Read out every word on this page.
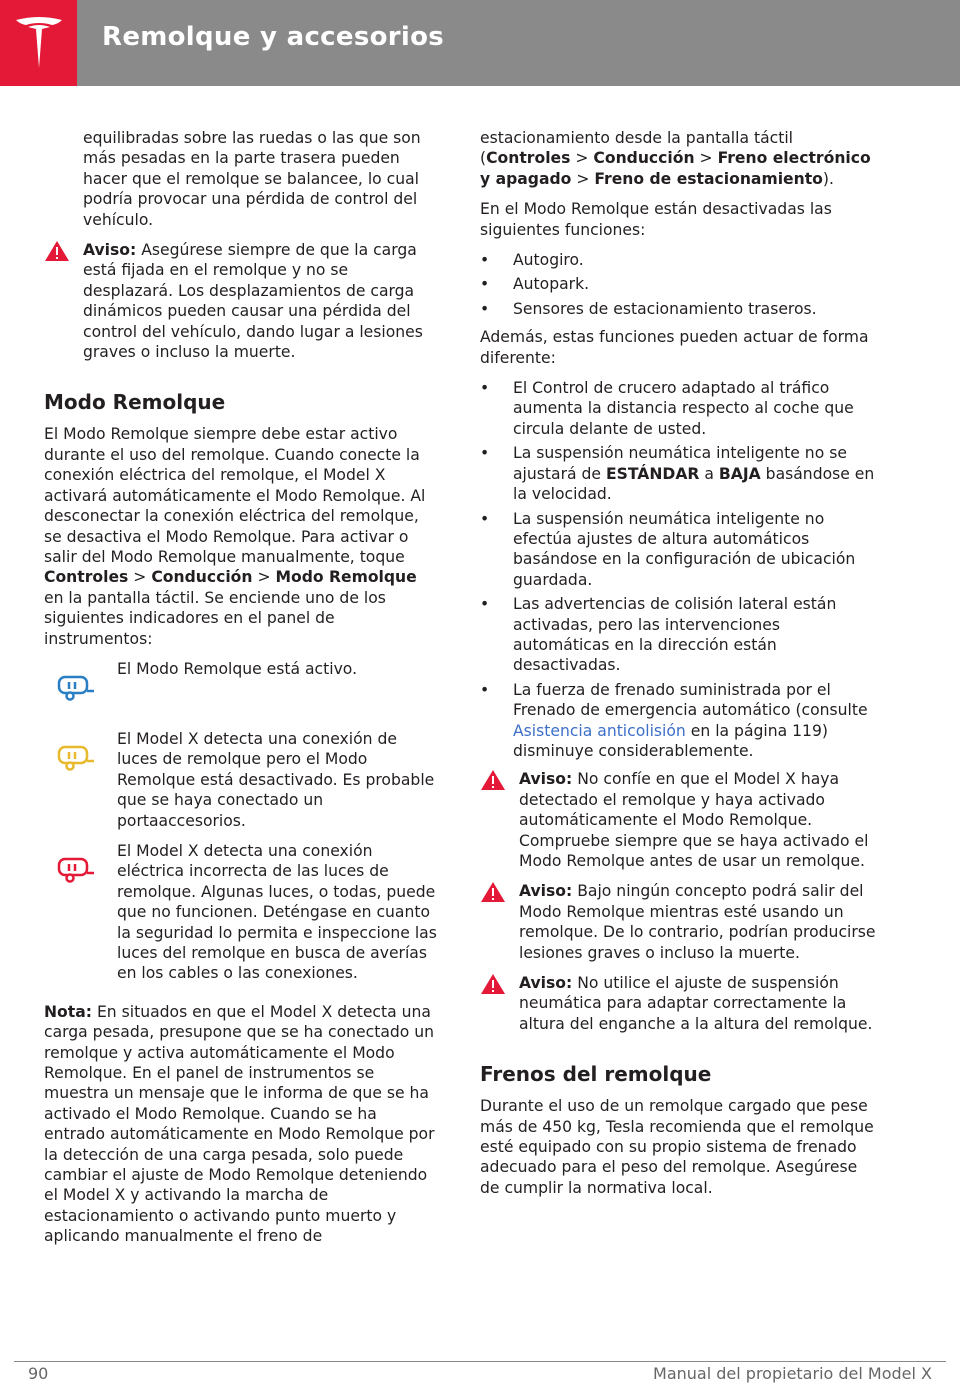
Remolque y accesorios

equilibradas sobre las ruedas o las que son más pesadas en la parte trasera pueden hacer que el remolque se balancee, lo cual podría provocar una pérdida de control del vehículo.

Aviso: Asegúrese siempre de que la carga está fijada en el remolque y no se desplazará. Los desplazamientos de carga dinámicos pueden causar una pérdida del control del vehículo, dando lugar a lesiones graves o incluso la muerte.
Modo Remolque

El Modo Remolque siempre debe estar activo durante el uso del remolque. Cuando conecte la conexión eléctrica del remolque, el Model X activará automáticamente el Modo Remolque. Al desconectar la conexión eléctrica del remolque, se desactiva el Modo Remolque. Para activar o salir del Modo Remolque manualmente, toque Controles > Conducción > Modo Remolque en la pantalla táctil. Se enciende uno de los siguientes indicadores en el panel de instrumentos:

El Modo Remolque está activo.
El Model X detecta una conexión de luces de remolque pero el Modo Remolque está desactivado. Es probable que se haya conectado un portaaccesorios.
El Model X detecta una conexión eléctrica incorrecta de las luces de remolque. Algunas luces, o todas, puede que no funcionen. Deténgase en cuanto la seguridad lo permita e inspeccione las luces del remolque en busca de averías en los cables o las conexiones.

Nota: En situados en que el Model X detecta una carga pesada, presupone que se ha conectado un remolque y activa automáticamente el Modo Remolque. En el panel de instrumentos se muestra un mensaje que le informa de que se ha activado el Modo Remolque. Cuando se ha entrado automáticamente en Modo Remolque por la detección de una carga pesada, solo puede cambiar el ajuste de Modo Remolque deteniendo el Model X y activando la marcha de estacionamiento o activando punto muerto y aplicando manualmente el freno de

estacionamiento desde la pantalla táctil (Controles > Conducción > Freno electrónico y apagado > Freno de estacionamiento).

En el Modo Remolque están desactivadas las siguientes funciones:

• Autogiro.
• Autopark.
• Sensores de estacionamiento traseros.

Además, estas funciones pueden actuar de forma diferente:

• El Control de crucero adaptado al tráfico aumenta la distancia respecto al coche que circula delante de usted.
• La suspensión neumática inteligente no se ajustará de ESTÁNDAR a BAJA basándose en la velocidad.
• La suspensión neumática inteligente no efectúa ajustes de altura automáticos basándose en la configuración de ubicación guardada.
• Las advertencias de colisión lateral están activadas, pero las intervenciones automáticas en la dirección están desactivadas.
• La fuerza de frenado suministrada por el Frenado de emergencia automático (consulte Asistencia anticolisión en la página 119) disminuye considerablemente.
Aviso: No confíe en que el Model X haya detectado el remolque y haya activado automáticamente el Modo Remolque. Compruebe siempre que se haya activado el Modo Remolque antes de usar un remolque.
Aviso: Bajo ningún concepto podrá salir del Modo Remolque mientras esté usando un remolque. De lo contrario, podrían producirse lesiones graves o incluso la muerte.
Aviso: No utilice el ajuste de suspensión neumática para adaptar correctamente la altura del enganche a la altura del remolque.
Frenos del remolque

Durante el uso de un remolque cargado que pese más de 450 kg, Tesla recomienda que el remolque esté equipado con su propio sistema de frenado adecuado para el peso del remolque. Asegúrese de cumplir la normativa local.

90	Manual del propietario del Model X
